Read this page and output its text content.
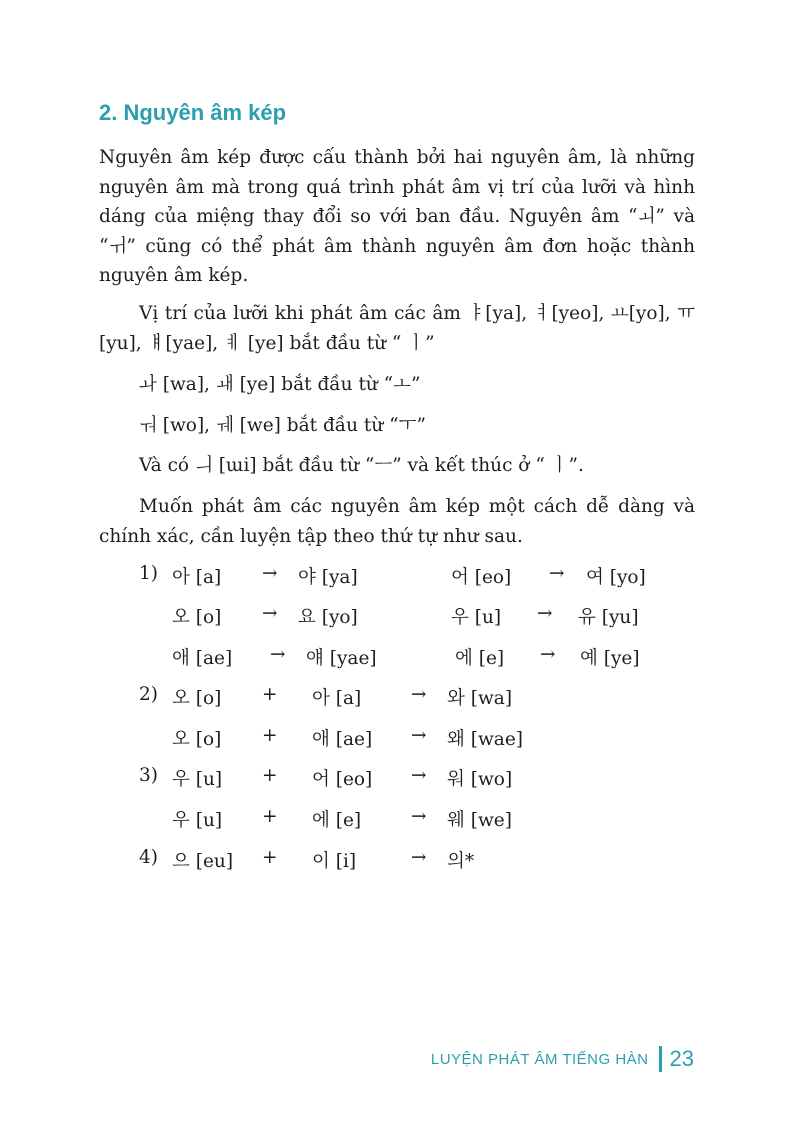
2. Nguyên âm kép

Nguyên âm kép được cấu thành bởi hai nguyên âm, là những nguyên âm mà trong quá trình phát âm vị trí của lưỡi và hình dáng của miệng thay đổi so với ban đầu. Nguyên âm “ㅚ” và “ㅟ” cũng có thể phát âm thành nguyên âm đơn hoặc thành nguyên âm kép.

Vị trí của lưỡi khi phát âm các âm ㅑ[ya], ㅕ[yeo], ㅛ[yo], ㅠ[yu], ㅒ[yae], ㅖ [ye] bắt đầu từ “ ㅣ”

ㅘ [wa], ㅙ [ye] bắt đầu từ “ㅗ”

ㅝ [wo], ㅞ [we] bắt đầu từ “ㅜ”

Và có ㅢ [ɯi] bắt đầu từ “ㅡ” và kết thúc ở “ ㅣ”.

Muốn phát âm các nguyên âm kép một cách dễ dàng và chính xác, cần luyện tập theo thứ tự như sau.

1) 아 [a] → 야 [ya]	어 [eo] → 여 [yo]
오 [o] → 요 [yo]	우 [u] → 유 [yu]
애 [ae] → 얘 [yae]	에 [e] → 예 [ye]
2) 오 [o] + 아 [a]	→ 와 [wa]
오 [o] + 애 [ae] → 왜 [wae]
3) 우 [u] + 어 [eo] → 워 [wo]
우 [u] + 에 [e]	→ 웨 [we]
4) 으 [eu] + 이 [i]	→ 의*
LUYỆN PHÁT ÂM TIẾNG HÀN 23
